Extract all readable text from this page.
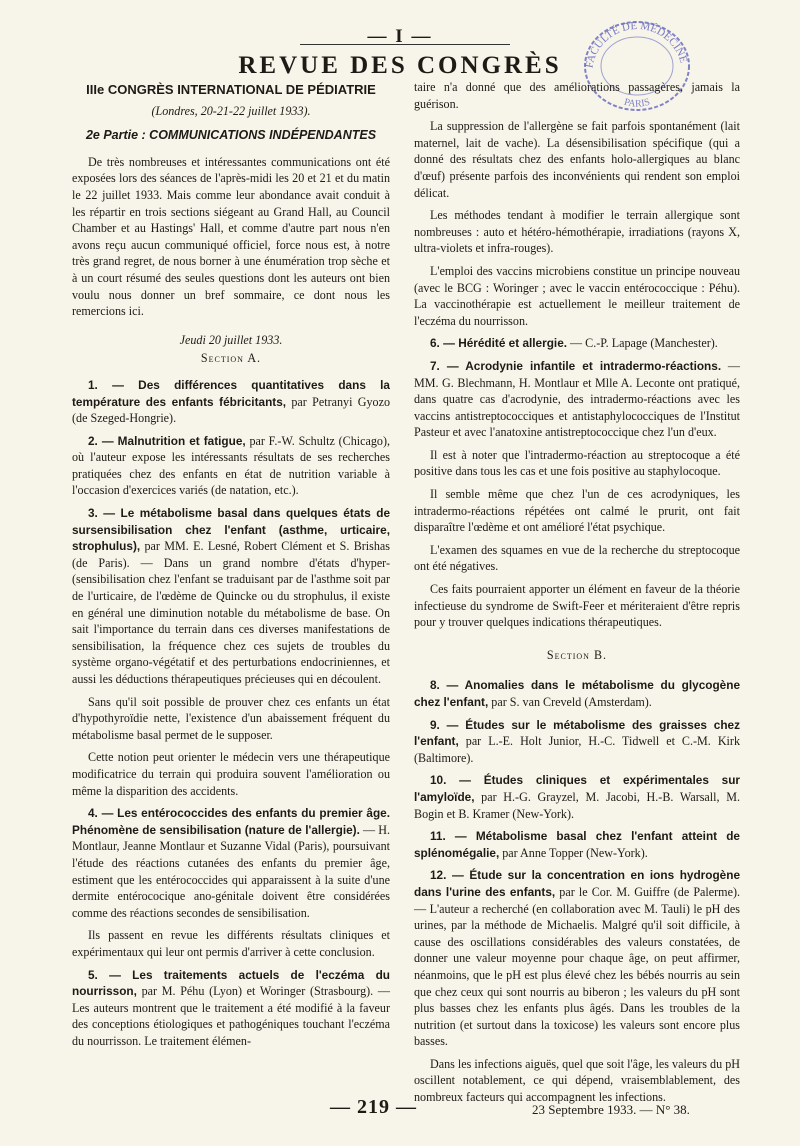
— I —
REVUE DES CONGRÈS	FACULTÉ DE MÉDECINE
PARIS

IIIe CONGRÈS INTERNATIONAL DE PÉDIATRIE

(Londres, 20-21-22 juillet 1933).

2e Partie : COMMUNICATIONS INDÉPENDANTES

De très nombreuses et intéressantes communications ont été exposées lors des séances de l'après-midi les 20 et 21 et du matin le 22 juillet 1933. Mais comme leur abondance avait conduit à les répartir en trois sections siégeant au Grand Hall, au Council Chamber et au Hastings' Hall, et comme d'autre part nous n'en avons reçu aucun communiqué officiel, force nous est, à notre très grand regret, de nous borner à une énumération trop sèche et à un court résumé des seules questions dont les auteurs ont bien voulu nous donner un bref sommaire, ce dont nous les remercions ici.

Jeudi 20 juillet 1933.

Section A.

1. — Des différences quantitatives dans la température des enfants fébricitants, par Petranyi Gyozo (de Szeged-Hongrie).

2. — Malnutrition et fatigue, par F.-W. Schultz (Chicago), où l'auteur expose les intéressants résultats de ses recherches pratiquées chez des enfants en état de nutrition variable à l'occasion d'exercices variés (de natation, etc.).

3. — Le métabolisme basal dans quelques états de sursensibilisation chez l'enfant (asthme, urticaire, strophulus), par MM. E. Lesné, Robert Clément et S. Brishas (de Paris). — Dans un grand nombre d'états d'hyper-(sensibilisation chez l'enfant se traduisant par de l'asthme soit par de l'urticaire, de l'œdème de Quincke ou du strophulus, il existe en général une diminution notable du métabolisme de base. On sait l'importance du terrain dans ces diverses manifestations de sensibilisation, la fréquence chez ces sujets de troubles du système organo-végétatif et des perturbations endocriniennes, et aussi les déductions thérapeutiques précieuses qui en découlent.

Sans qu'il soit possible de prouver chez ces enfants un état d'hypothyroïdie nette, l'existence d'un abaissement fréquent du métabolisme basal permet de le supposer.

Cette notion peut orienter le médecin vers une thérapeutique modificatrice du terrain qui produira souvent l'amélioration ou même la disparition des accidents.

4. — Les entérococcides des enfants du premier âge. Phénomène de sensibilisation (nature de l'allergie). — H. Montlaur, Jeanne Montlaur et Suzanne Vidal (Paris), poursuivant l'étude des réactions cutanées des enfants du premier âge, estiment que les entérococcides qui apparaissent à la suite d'une dermite entérococique ano-génitale doivent être considérées comme des réactions secondes de sensibilisation.

Ils passent en revue les différents résultats cliniques et expérimentaux qui leur ont permis d'arriver à cette conclusion.

5. — Les traitements actuels de l'eczéma du nourrisson, par M. Péhu (Lyon) et Woringer (Strasbourg). — Les auteurs montrent que le traitement a été modifié à la faveur des conceptions étiologiques et pathogéniques touchant l'eczéma du nourrisson. Le traitement élémen-

taire n'a donné que des améliorations passagères, jamais la guérison.

La suppression de l'allergène se fait parfois spontanément (lait maternel, lait de vache). La désensibilisation spécifique (qui a donné des résultats chez des enfants holo-allergiques au blanc d'œuf) présente parfois des inconvénients qui rendent son emploi délicat.

Les méthodes tendant à modifier le terrain allergique sont nombreuses : auto et hétéro-hémothérapie, irradiations (rayons X, ultra-violets et infra-rouges).

L'emploi des vaccins microbiens constitue un principe nouveau (avec le BCG : Woringer ; avec le vaccin entérococcique : Péhu). La vaccinothérapie est actuellement le meilleur traitement de l'eczéma du nourrisson.

6. — Hérédité et allergie. — C.-P. Lapage (Manchester).

7. — Acrodynie infantile et intradermo-réactions. — MM. G. Blechmann, H. Montlaur et Mlle A. Leconte ont pratiqué, dans quatre cas d'acrodynie, des intradermo-réactions avec les vaccins antistreptococciques et antistaphylococciques de l'Institut Pasteur et avec l'anatoxine antistreptococcique chez l'un d'eux.

Il est à noter que l'intradermo-réaction au streptocoque a été positive dans tous les cas et une fois positive au staphylocoque.

Il semble même que chez l'un de ces acrodyniques, les intradermo-réactions répétées ont calmé le prurit, ont fait disparaître l'œdème et ont amélioré l'état psychique.

L'examen des squames en vue de la recherche du streptocoque ont été négatives.

Ces faits pourraient apporter un élément en faveur de la théorie infectieuse du syndrome de Swift-Feer et mériteraient d'être repris pour y trouver quelques indications thérapeutiques.

Section B.

8. — Anomalies dans le métabolisme du glycogène chez l'enfant, par S. van Creveld (Amsterdam).

9. — Études sur le métabolisme des graisses chez l'enfant, par L.-E. Holt Junior, H.-C. Tidwell et C.-M. Kirk (Baltimore).

10. — Études cliniques et expérimentales sur l'amyloïde, par H.-G. Grayzel, M. Jacobi, H.-B. Warsall, M. Bogin et B. Kramer (New-York).

11. — Métabolisme basal chez l'enfant atteint de splénomégalie, par Anne Topper (New-York).

12. — Étude sur la concentration en ions hydrogène dans l'urine des enfants, par le Cor. M. Guiffre (de Palerme). — L'auteur a recherché (en collaboration avec M. Tauli) le pH des urines, par la méthode de Michaelis. Malgré qu'il soit difficile, à cause des oscillations considérables des valeurs constatées, de donner une valeur moyenne pour chaque âge, on peut affirmer, néanmoins, que le pH est plus élevé chez les bébés nourris au sein que chez ceux qui sont nourris au biberon ; les valeurs du pH sont plus basses chez les enfants plus âgés. Dans les troubles de la nutrition (et surtout dans la toxicose) les valeurs sont encore plus basses.

Dans les infections aiguës, quel que soit l'âge, les valeurs du pH oscillent notablement, ce qui dépend, vraisemblablement, des nombreux facteurs qui accompagnent les infections.

— 219 —	23 Septembre 1933. — N° 38.
